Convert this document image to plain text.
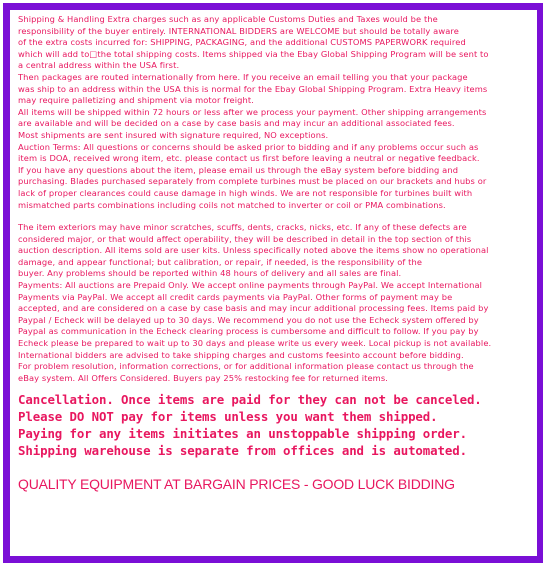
Shipping & Handling Extra charges such as any applicable Customs Duties and Taxes would be the
responsibility of the buyer entirely. INTERNATIONAL BIDDERS are WELCOME but should be totally aware
of the extra costs incurred for: SHIPPING, PACKAGING, and the additional CUSTOMS PAPERWORK required
which will add to□the total shipping costs. Items shipped via the Ebay Global Shipping Program will be sent to
a central address within the USA first.
Then packages are routed internationally from here. If you receive an email telling you that your package
was ship to an address within the USA this is normal for the Ebay Global Shipping Program. Extra Heavy items
may require palletizing and shipment via motor freight.
All items will be shipped within 72 hours or less after we process your payment. Other shipping arrangements
are available and will be decided on a case by case basis and may incur an additional associated fees.
Most shipments are sent insured with signature required, NO exceptions.
Auction Terms: All questions or concerns should be asked prior to bidding and if any problems occur such as
item is DOA, received wrong item, etc. please contact us first before leaving a neutral or negative feedback.
If you have any questions about the item, please email us through the eBay system before bidding and
purchasing. Blades purchased separately from complete turbines must be placed on our brackets and hubs or
lack of proper clearances could cause damage in high winds. We are not responsible for turbines built with
mismatched parts combinations including coils not matched to inverter or coil or PMA combinations.

The item exteriors may have minor scratches, scuffs, dents, cracks, nicks, etc. If any of these defects are
considered major, or that would affect operability, they will be described in detail in the top section of this
auction description. All items sold are user kits. Unless specifically noted above the items show no operational
damage, and appear functional; but calibration, or repair, if needed, is the responsibility of the
buyer. Any problems should be reported within 48 hours of delivery and all sales are final.
Payments: All auctions are Prepaid Only. We accept online payments through PayPal. We accept International
Payments via PayPal. We accept all credit cards payments via PayPal. Other forms of payment may be
accepted, and are considered on a case by case basis and may incur additional processing fees. Items paid by
Paypal / Echeck will be delayed up to 30 days. We recommend you do not use the Echeck system offered by
Paypal as communication in the Echeck clearing process is cumbersome and difficult to follow. If you pay by
Echeck please be prepared to wait up to 30 days and please write us every week. Local pickup is not available.
International bidders are advised to take shipping charges and customs feesinto account before bidding.
For problem resolution, information corrections, or for additional information please contact us through the
eBay system. All Offers Considered. Buyers pay 25% restocking fee for returned items.

Cancellation. Once items are paid for they can not be canceled.

Please DO NOT pay for items unless you want them shipped.

Paying for any items initiates an unstoppable shipping order.

Shipping warehouse is separate from offices and is automated.

QUALITY EQUIPMENT AT BARGAIN PRICES - GOOD LUCK BIDDING
